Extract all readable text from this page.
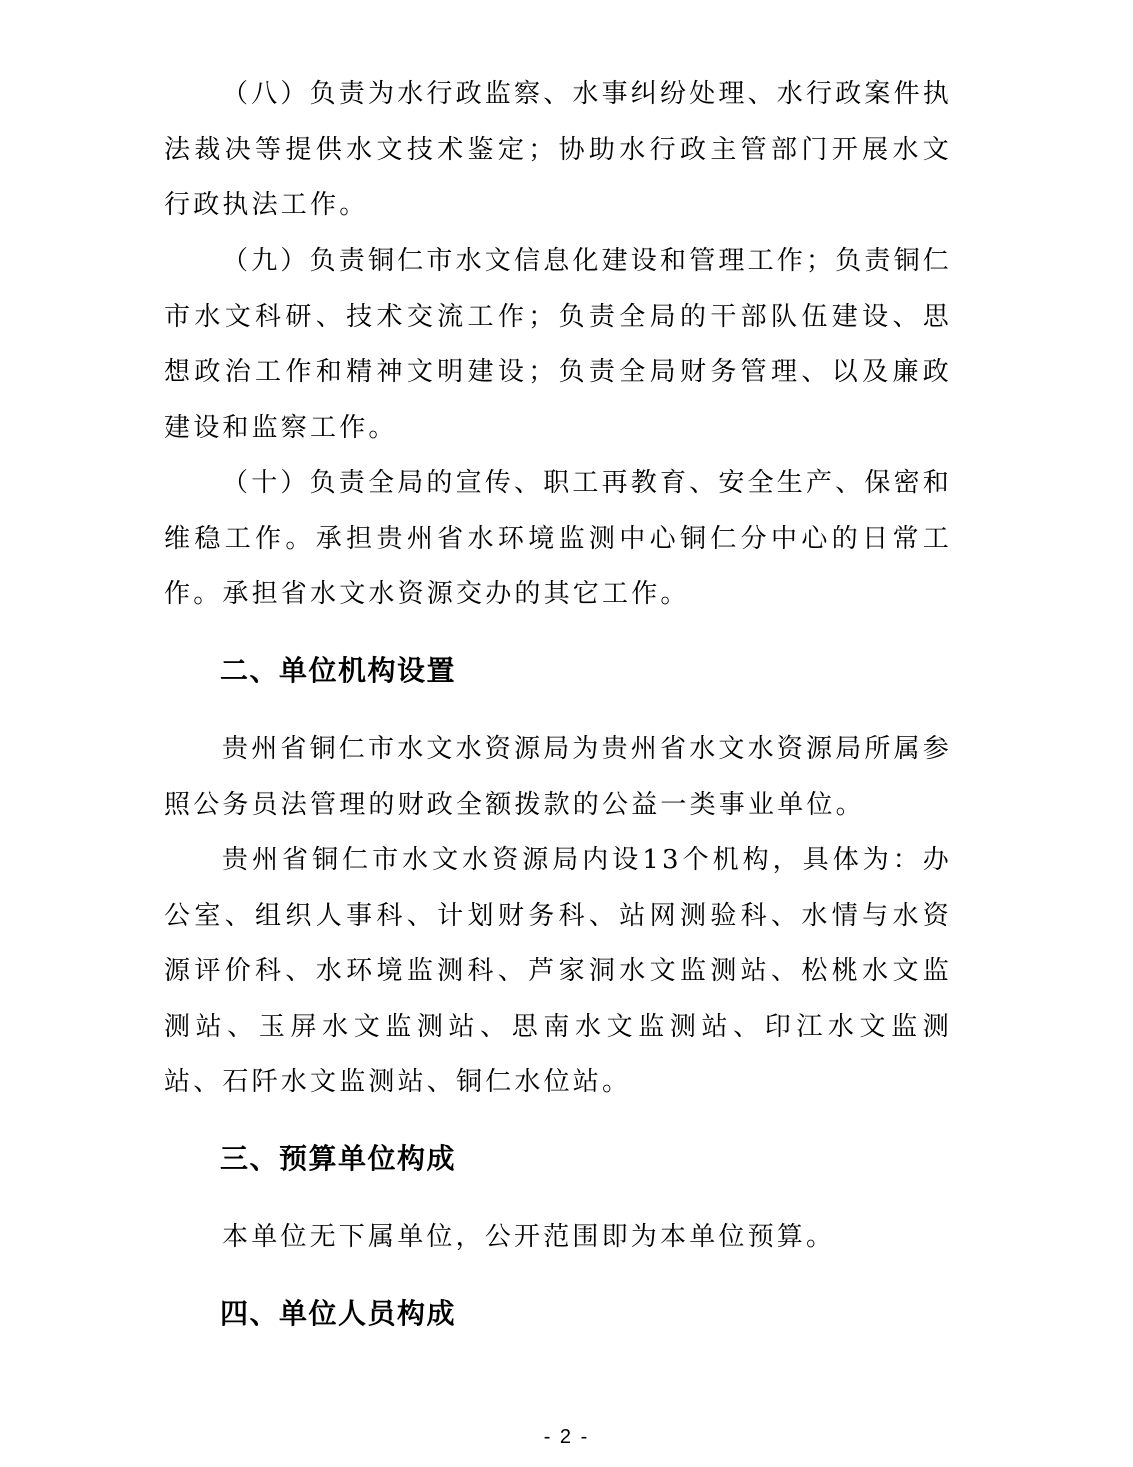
（八）负责为水行政监察、水事纠纷处理、水行政案件执法裁决等提供水文技术鉴定；协助水行政主管部门开展水文行政执法工作。

（九）负责铜仁市水文信息化建设和管理工作；负责铜仁市水文科研、技术交流工作；负责全局的干部队伍建设、思想政治工作和精神文明建设；负责全局财务管理、以及廉政建设和监察工作。

（十）负责全局的宣传、职工再教育、安全生产、保密和维稳工作。承担贵州省水环境监测中心铜仁分中心的日常工作。承担省水文水资源交办的其它工作。

二、单位机构设置

贵州省铜仁市水文水资源局为贵州省水文水资源局所属参照公务员法管理的财政全额拨款的公益一类事业单位。

贵州省铜仁市水文水资源局内设13个机构，具体为：办公室、组织人事科、计划财务科、站网测验科、水情与水资源评价科、水环境监测科、芦家洞水文监测站、松桃水文监测站、玉屏水文监测站、思南水文监测站、印江水文监测站、石阡水文监测站、铜仁水位站。

三、预算单位构成

本单位无下属单位，公开范围即为本单位预算。

四、单位人员构成
- 2 -
